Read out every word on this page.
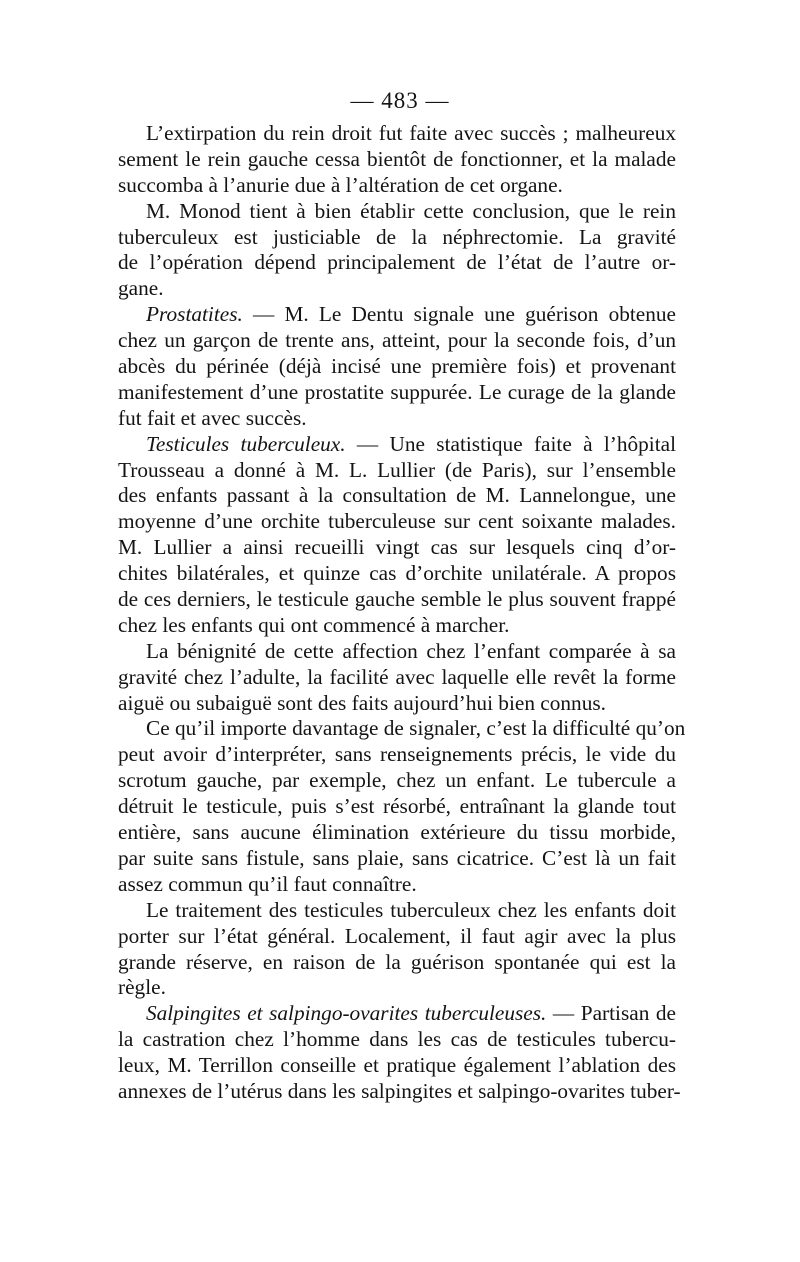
— 483 —
L’extirpation du rein droit fut faite avec succès ; malheureux
sement le rein gauche cessa bientôt de fonctionner, et la malade
succomba à l’anurie due à l’altération de cet organe.
M. Monod tient à bien établir cette conclusion, que le rein
tuberculeux est justiciable de la néphrectomie. La gravité
de l’opération dépend principalement de l’état de l’autre or-
gane.
Prostatites. — M. Le Dentu signale une guérison obtenue
chez un garçon de trente ans, atteint, pour la seconde fois, d’un
abcès du périnée (déjà incisé une première fois) et provenant
manifestement d’une prostatite suppurée. Le curage de la glande
fut fait et avec succès.
Testicules tuberculeux. — Une statistique faite à l’hôpital
Trousseau a donné à M. L. Lullier (de Paris), sur l’ensemble
des enfants passant à la consultation de M. Lannelongue, une
moyenne d’une orchite tuberculeuse sur cent soixante malades.
M. Lullier a ainsi recueilli vingt cas sur lesquels cinq d’or-
chites bilatérales, et quinze cas d’orchite unilatérale. A propos
de ces derniers, le testicule gauche semble le plus souvent frappé
chez les enfants qui ont commencé à marcher.
La bénignité de cette affection chez l’enfant comparée à sa
gravité chez l’adulte, la facilité avec laquelle elle revêt la forme
aiguë ou subaiguë sont des faits aujourd’hui bien connus.
Ce qu’il importe davantage de signaler, c’est la difficulté qu’on
peut avoir d’interpréter, sans renseignements précis, le vide du
scrotum gauche, par exemple, chez un enfant. Le tubercule a
détruit le testicule, puis s’est résorbé, entraînant la glande tout
entière, sans aucune élimination extérieure du tissu morbide,
par suite sans fistule, sans plaie, sans cicatrice. C’est là un fait
assez commun qu’il faut connaître.
Le traitement des testicules tuberculeux chez les enfants doit
porter sur l’état général. Localement, il faut agir avec la plus
grande réserve, en raison de la guérison spontanée qui est la
règle.
Salpingites et salpingo-ovarites tuberculeuses. — Partisan de
la castration chez l’homme dans les cas de testicules tubercu-
leux, M. Terrillon conseille et pratique également l’ablation des
annexes de l’utérus dans les salpingites et salpingo-ovarites tuber-
